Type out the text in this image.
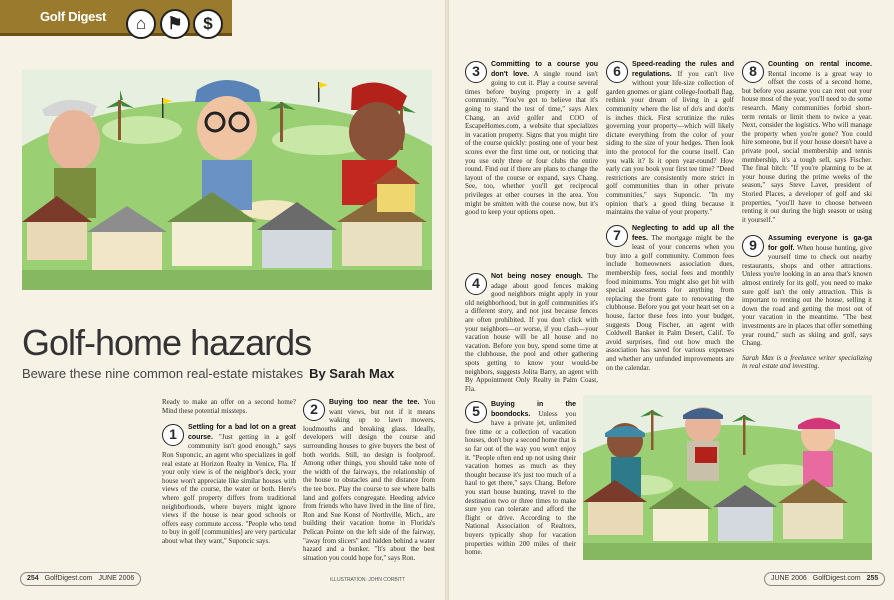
Golf Digest	⌂	⚑	$
Golf-home hazards
Beware these nine common real-estate mistakes By Sarah Max

Ready to make an offer on a second home? Mind these potential missteps.

1	Settling for a bad lot on a great course. "Just getting in a golf community isn't good enough," says Ron Suponcic, an agent who specializes in golf real estate at Horizon Realty in Venice, Fla. If your only view is of the neighbor's deck, your house won't appreciate like similar houses with views of the course, the water or both. Here's where golf property differs from traditional neighborhoods, where buyers might ignore views if the house is near good schools or offers easy commute access. "People who tend to buy in golf [communities] are very particular about what they want," Suponcic says.

2	Buying too near the tee. You want views, but not if it means waking up to lawn mowers, loudmouths and breaking glass. Ideally, developers will design the course and surrounding houses to give buyers the best of both worlds. Still, no design is foolproof. Among other things, you should take note of the width of the fairways, the relationship of the house to obstacles and the distance from the tee box. Play the course to see where balls land and golfers congregate. Heeding advice from friends who have lived in the line of fire, Ron and Sue Konst of Northville, Mich., are building their vacation home in Florida's Pelican Pointe on the left side of the fairway, "away from slicers" and hidden behind a water hazard and a bunker. "It's about the best situation you could hope for," says Ron.

3	Committing to a course you don't love. A single round isn't going to cut it. Play a course several times before buying property in a golf community. "You've got to believe that it's going to stand the test of time," says Alex Chang, an avid golfer and COO of EscapeHomes.com, a website that specializes in vacation property. Signs that you might tire of the course quickly: posting one of your best scores ever the first time out, or noticing that you use only three or four clubs the entire round. Find out if there are plans to change the layout of the course or expand, says Chang. See, too, whether you'll get reciprocal privileges at other courses in the area. You might be smitten with the course now, but it's good to keep your options open.

4	Not being nosey enough. The adage about good fences making good neighbors might apply in your old neighborhood, but in golf communities it's a different story, and not just because fences are often prohibited. If you don't click with your neighbors—or worse, if you clash—your vacation house will be all house and no vacation. Before you buy, spend some time at the clubhouse, the pool and other gathering spots getting to know your would-be neighbors, suggests Jolita Barry, an agent with By Appointment Only Realty in Palm Coast, Fla.

5	Buying in the boondocks. Unless you have a private jet, unlimited free time or a collection of vacation houses, don't buy a second home that is so far out of the way you won't enjoy it. "People often end up not using their vacation homes as much as they thought because it's just too much of a haul to get there," says Chang. Before you start house hunting, travel to the destination two or three times to make sure you can tolerate and afford the flight or drive. According to the National Association of Realtors, buyers typically shop for vacation properties within 200 miles of their home.

6	Speed-reading the rules and regulations. If you can't live without your life-size collection of garden gnomes or giant college-football flag, rethink your dream of living in a golf community where the list of do's and don'ts is inches thick. First scrutinize the rules governing your property—which will likely dictate everything from the color of your siding to the size of your hedges. Then look into the protocol for the course itself. Can you walk it? Is it open year-round? How early can you book your first tee time? "Deed restrictions are consistently more strict in golf communities than in other private communities," says Suponcic. "In my opinion that's a good thing because it maintains the value of your property."

7	Neglecting to add up all the fees. The mortgage might be the least of your concerns when you buy into a golf community. Common fees include homeowners association dues, membership fees, social fees and monthly food minimums. You might also get hit with special assessments for anything from replacing the front gate to renovating the clubhouse. Before you get your heart set on a house, factor these fees into your budget, suggests Doug Fischer, an agent with Coldwell Banker in Palm Desert, Calif. To avoid surprises, find out how much the association has saved for various expenses and whether any unfunded improvements are on the calendar.

8	Counting on rental income. Rental income is a great way to offset the costs of a second home, but before you assume you can rent out your house most of the year, you'll need to do some research. Many communities forbid short-term rentals or limit them to twice a year. Next, consider the logistics. Who will manage the property when you're gone? You could hire someone, but if your house doesn't have a private pool, social membership and tennis membership, it's a tough sell, says Fischer. The final hitch: "If you're planning to be at your house during the prime weeks of the season," says Steve Lavet, president of Storied Places, a developer of golf and ski properties, "you'll have to choose between renting it out during the high season or using it yourself."

9	Assuming everyone is ga-ga for golf. When house hunting, give yourself time to check out nearby restaurants, shops and other attractions. Unless you're looking in an area that's known almost entirely for its golf, you need to make sure golf isn't the only attraction. This is important to renting out the house, selling it down the road and getting the most out of your vacation in the meantime. "The best investments are in places that offer something year round," such as skiing and golf, says Chang.

Sarah Max is a freelance writer specializing in real estate and investing.

ILLUSTRATION: JOHN CORBITT
254 GolfDigest.com JUNE 2006	JUNE 2006 GolfDigest.com 255
